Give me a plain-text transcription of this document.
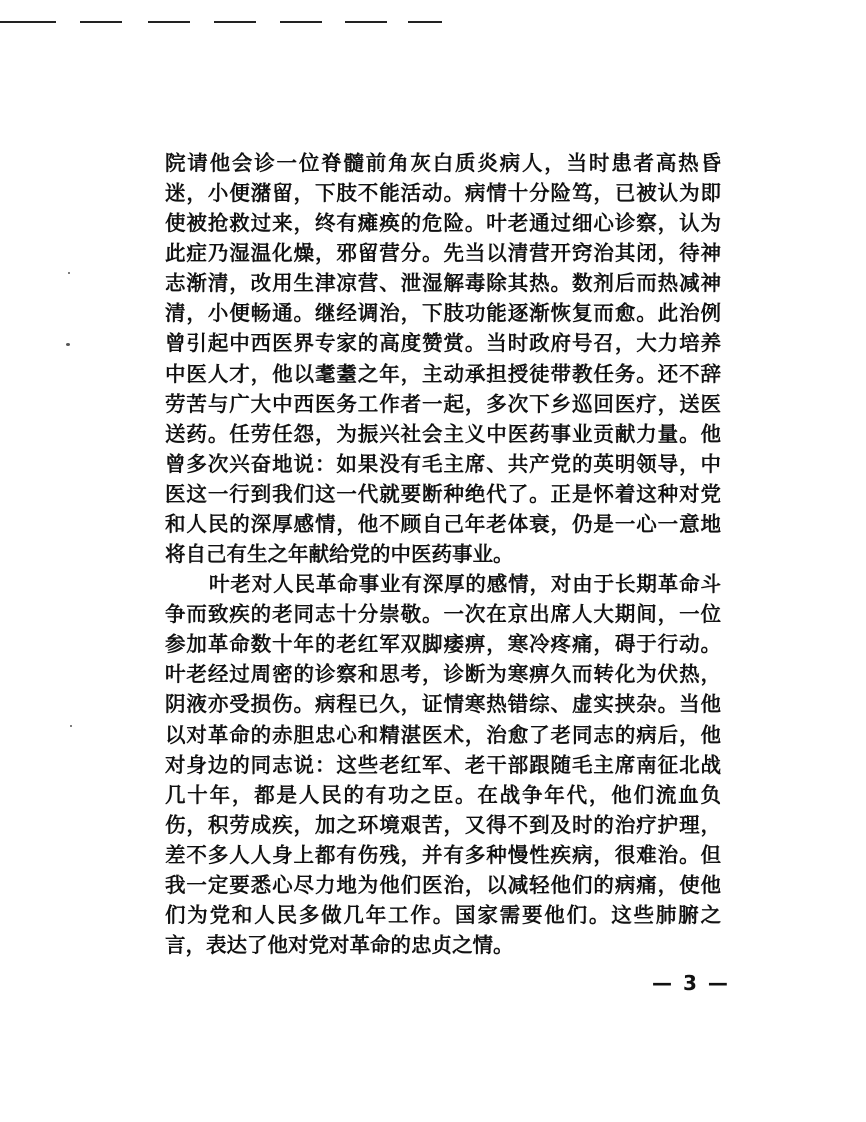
院请他会诊一位脊髓前角灰白质炎病人，当时患者高热昏
迷，小便潴留，下肢不能活动。病情十分险笃，已被认为即
使被抢救过来，终有瘫痪的危险。叶老通过细心诊察，认为
此症乃湿温化燥，邪留营分。先当以清营开窍治其闭，待神
志渐清，改用生津凉营、泄湿解毒除其热。数剂后而热减神
清，小便畅通。继经调治，下肢功能逐渐恢复而愈。此治例
曾引起中西医界专家的高度赞赏。当时政府号召，大力培养
中医人才，他以耄耋之年，主动承担授徒带教任务。还不辞
劳苦与广大中西医务工作者一起，多次下乡巡回医疗，送医
送药。任劳任怨，为振兴社会主义中医药事业贡献力量。他
曾多次兴奋地说：如果没有毛主席、共产党的英明领导，中
医这一行到我们这一代就要断种绝代了。正是怀着这种对党
和人民的深厚感情，他不顾自己年老体衰，仍是一心一意地
将自己有生之年献给党的中医药事业。
叶老对人民革命事业有深厚的感情，对由于长期革命斗
争而致疾的老同志十分崇敬。一次在京出席人大期间，一位
参加革命数十年的老红军双脚痿痹，寒冷疼痛，碍于行动。
叶老经过周密的诊察和思考，诊断为寒痹久而转化为伏热，
阴液亦受损伤。病程已久，证情寒热错综、虚实挟杂。当他
以对革命的赤胆忠心和精湛医术，治愈了老同志的病后，他
对身边的同志说：这些老红军、老干部跟随毛主席南征北战
几十年，都是人民的有功之臣。在战争年代，他们流血负
伤，积劳成疾，加之环境艰苦，又得不到及时的治疗护理，
差不多人人身上都有伤残，并有多种慢性疾病，很难治。但
我一定要悉心尽力地为他们医治，以减轻他们的病痛，使他
们为党和人民多做几年工作。国家需要他们。这些肺腑之
言，表达了他对党对革命的忠贞之情。
— 3 —
